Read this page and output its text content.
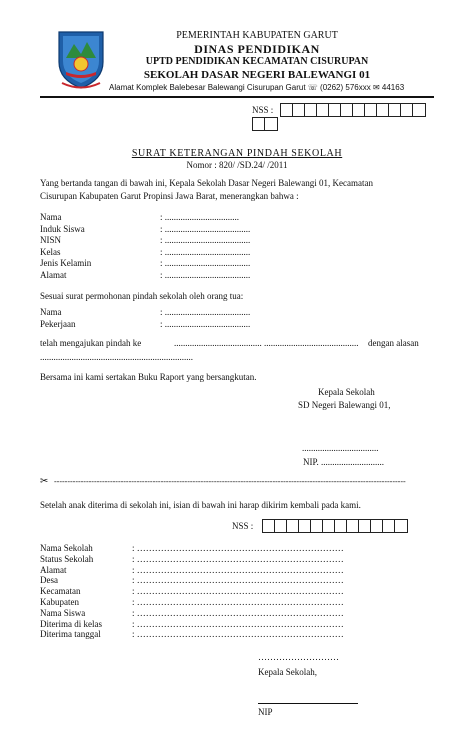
PEMERINTAH KABUPATEN GARUT
DINAS PENDIDIKAN
UPTD PENDIDIKAN KECAMATAN CISURUPAN
SEKOLAH DASAR NEGERI BALEWANGI 01
Alamat Komplek Balebesar Balewangi Cisurupan Garut ☏ (0262) 576xxx ✉ 44163
NSS :
SURAT KETERANGAN PINDAH SEKOLAH
Nomor : 820/ /SD.24/ /2011
Yang bertanda tangan di bawah ini, Kepala Sekolah Dasar Negeri Balewangi 01, Kecamatan
Cisurupan Kabupaten Garut Propinsi Jawa Barat, menerangkan bahwa :
Nama	: .................................
Induk Siswa	: ......................................
NISN	: ......................................
Kelas	: ......................................
Jenis Kelamin	: ......................................
Alamat	: ......................................
Sesuai surat permohonan pindah sekolah oleh orang tua:
Nama	: ......................................
Pekerjaan	: ......................................
telah mengajukan pindah ke	....................................... .......................................... dengan alasan
....................................................................
Bersama ini kami sertakan Buku Raport yang bersangkutan.
Kepala Sekolah
SD Negeri Balewangi 01,
..................................
NIP. ............................
✂ ------------------------------------------------------------------------------------------------------------------------------------
Setelah anak diterima di sekolah ini, isian di bawah ini harap dikirim kembali pada kami.
NSS :
Nama Sekolah	: ……………………………………………………………
Status Sekolah	: ……………………………………………………………
Alamat	: ……………………………………………………………
Desa	: ……………………………………………………………
Kecamatan	: ……………………………………………………………
Kabupaten	: ……………………………………………………………
Nama Siswa	: ……………………………………………………………
Diterima di kelas	: ……………………………………………………………
Diterima tanggal	: ……………………………………………………………
………………………
Kepala Sekolah,
NIP
